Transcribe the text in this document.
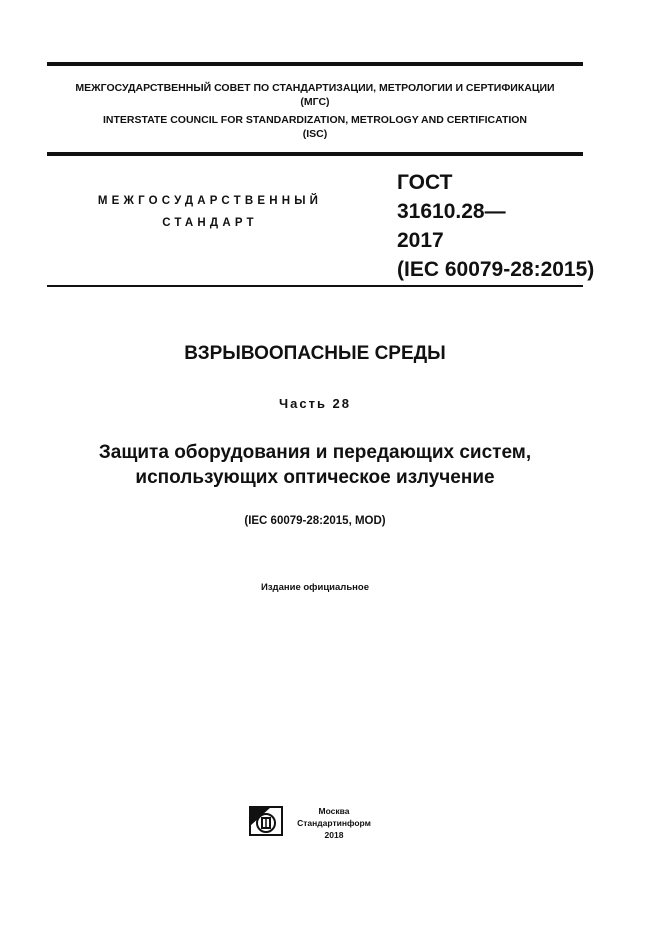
МЕЖГОСУДАРСТВЕННЫЙ СОВЕТ ПО СТАНДАРТИЗАЦИИ, МЕТРОЛОГИИ И СЕРТИФИКАЦИИ
(МГС)
INTERSTATE COUNCIL FOR STANDARDIZATION, METROLOGY AND CERTIFICATION
(ISC)
МЕЖГОСУДАРСТВЕННЫЙ
СТАНДАРТ
ГОСТ
31610.28—
2017
(IEC 60079-28:2015)
ВЗРЫВООПАСНЫЕ СРЕДЫ
Часть 28
Защита оборудования и передающих систем,
использующих оптическое излучение
(IEC 60079-28:2015, MOD)
Издание официальное
Москва
Стандартинформ
2018
